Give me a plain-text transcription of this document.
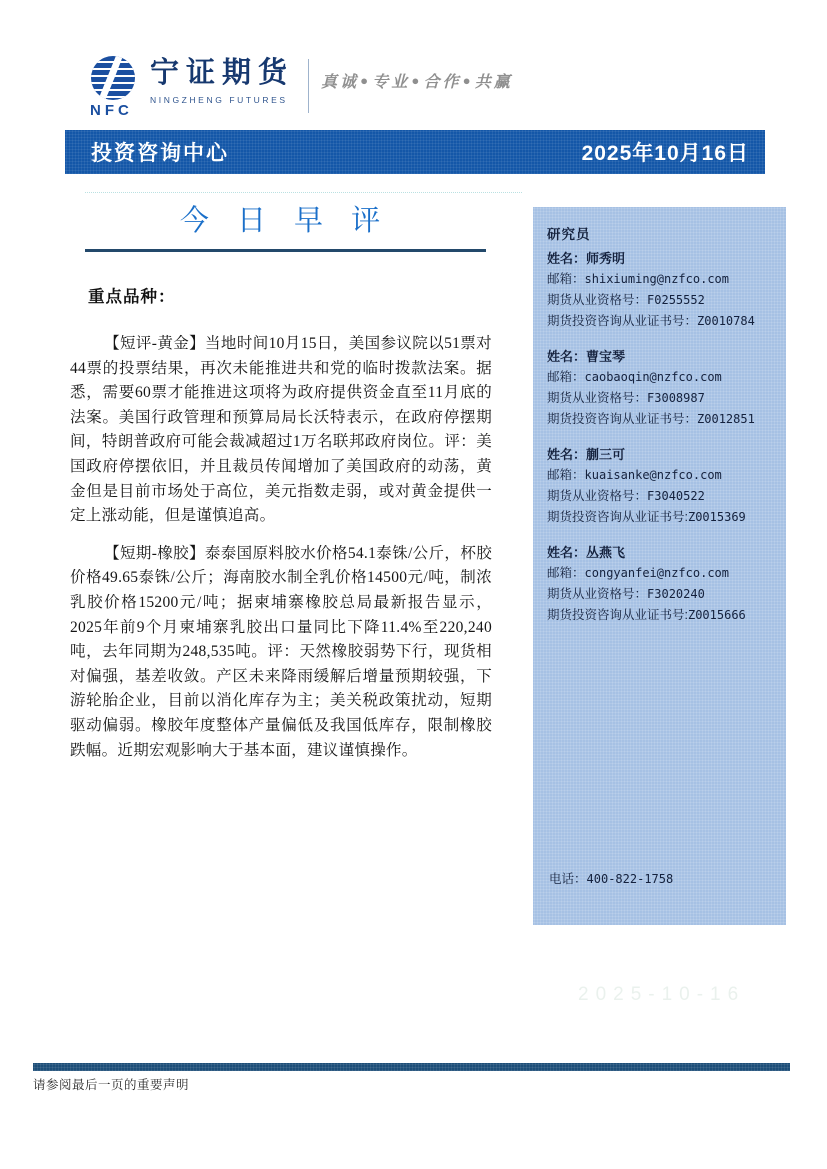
NFC
宁证期货
NINGZHENG FUTURES
真诚•专业•合作•共赢
投资咨询中心	2025年10月16日
今 日 早 评
重点品种：

【短评-黄金】当地时间10月15日，美国参议院以51票对44票的投票结果，再次未能推进共和党的临时拨款法案。据悉，需要60票才能推进这项将为政府提供资金直至11月底的法案。美国行政管理和预算局局长沃特表示，在政府停摆期间，特朗普政府可能会裁减超过1万名联邦政府岗位。评：美国政府停摆依旧，并且裁员传闻增加了美国政府的动荡，黄金但是目前市场处于高位，美元指数走弱，或对黄金提供一定上涨动能，但是谨慎追高。

【短期-橡胶】泰泰国原料胶水价格54.1泰铢/公斤，杯胶价格49.65泰铢/公斤；海南胶水制全乳价格14500元/吨，制浓乳胶价格15200元/吨；据柬埔寨橡胶总局最新报告显示，2025年前9个月柬埔寨乳胶出口量同比下降11.4%至220,240吨，去年同期为248,535吨。评：天然橡胶弱势下行，现货相对偏强，基差收敛。产区未来降雨缓解后增量预期较强，下游轮胎企业，目前以消化库存为主；美关税政策扰动，短期驱动偏弱。橡胶年度整体产量偏低及我国低库存，限制橡胶跌幅。近期宏观影响大于基本面，建议谨慎操作。

研究员
姓名：师秀明
邮箱：shixiuming@nzfco.com
期货从业资格号：F0255552
期货投资咨询从业证书号：Z0010784
姓名：曹宝琴
邮箱：caobaoqin@nzfco.com
期货从业资格号：F3008987
期货投资咨询从业证书号：Z0012851
姓名：蒯三可
邮箱：kuaisanke@nzfco.com
期货从业资格号：F3040522
期货投资咨询从业证书号:Z0015369
姓名：丛燕飞
邮箱：congyanfei@nzfco.com
期货从业资格号：F3020240
期货投资咨询从业证书号:Z0015666
电话：400-822-1758
2025-10-16
请参阅最后一页的重要声明
